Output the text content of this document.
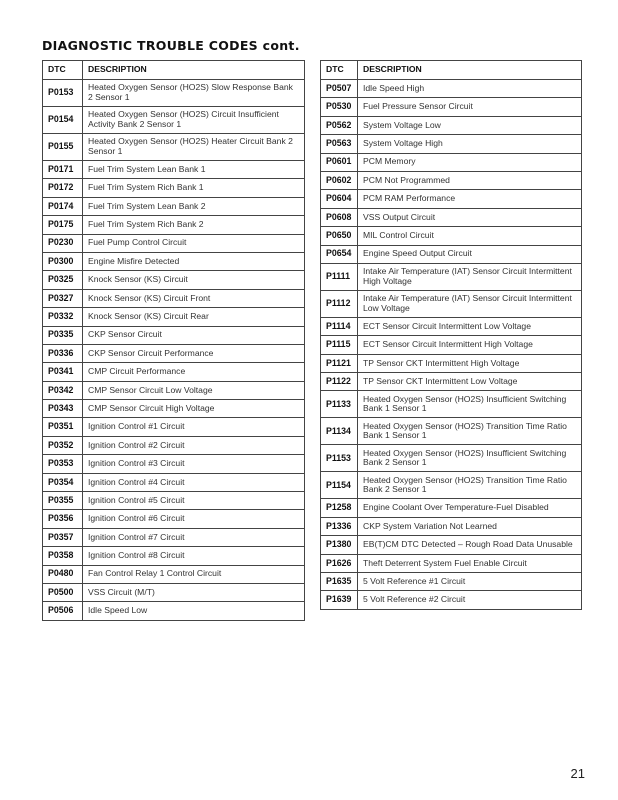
DIAGNOSTIC TROUBLE CODES cont.
DTC	DESCRIPTION
P0153	Heated Oxygen Sensor (HO2S) Slow Response Bank 2 Sensor 1
P0154	Heated Oxygen Sensor (HO2S) Circuit Insufficient Activity Bank 2 Sensor 1
P0155	Heated Oxygen Sensor (HO2S) Heater Circuit Bank 2 Sensor 1
P0171	Fuel Trim System Lean Bank 1
P0172	Fuel Trim System Rich Bank 1
P0174	Fuel Trim System Lean Bank 2
P0175	Fuel Trim System Rich Bank 2
P0230	Fuel Pump Control Circuit
P0300	Engine Misfire Detected
P0325	Knock Sensor (KS) Circuit
P0327	Knock Sensor (KS) Circuit Front
P0332	Knock Sensor (KS) Circuit Rear
P0335	CKP Sensor Circuit
P0336	CKP Sensor Circuit Performance
P0341	CMP Circuit Performance
P0342	CMP Sensor Circuit Low Voltage
P0343	CMP Sensor Circuit High Voltage
P0351	Ignition Control #1 Circuit
P0352	Ignition Control #2 Circuit
P0353	Ignition Control #3 Circuit
P0354	Ignition Control #4 Circuit
P0355	Ignition Control #5 Circuit
P0356	Ignition Control #6 Circuit
P0357	Ignition Control #7 Circuit
P0358	Ignition Control #8 Circuit
P0480	Fan Control Relay 1 Control Circuit
P0500	VSS Circuit (M/T)
P0506	Idle Speed Low
DTC	DESCRIPTION
P0507	Idle Speed High
P0530	Fuel Pressure Sensor Circuit
P0562	System Voltage Low
P0563	System Voltage High
P0601	PCM Memory
P0602	PCM Not Programmed
P0604	PCM RAM Performance
P0608	VSS Output Circuit
P0650	MIL Control Circuit
P0654	Engine Speed Output Circuit
P1111	Intake Air Temperature (IAT) Sensor Circuit Intermittent High Voltage
P1112	Intake Air Temperature (IAT) Sensor Circuit Intermittent Low Voltage
P1114	ECT Sensor Circuit Intermittent Low Voltage
P1115	ECT Sensor Circuit Intermittent High Voltage
P1121	TP Sensor CKT Intermittent High Voltage
P1122	TP Sensor CKT Intermittent Low Voltage
P1133	Heated Oxygen Sensor (HO2S) Insufficient Switching Bank 1 Sensor 1
P1134	Heated Oxygen Sensor (HO2S) Transition Time Ratio Bank 1 Sensor 1
P1153	Heated Oxygen Sensor (HO2S) Insufficient Switching Bank 2 Sensor 1
P1154	Heated Oxygen Sensor (HO2S) Transition Time Ratio Bank 2 Sensor 1
P1258	Engine Coolant Over Temperature-Fuel Disabled
P1336	CKP System Variation Not Learned
P1380	EB(T)CM DTC Detected – Rough Road Data Unusable
P1626	Theft Deterrent System Fuel Enable Circuit
P1635	5 Volt Reference #1 Circuit
P1639	5 Volt Reference #2 Circuit
21
